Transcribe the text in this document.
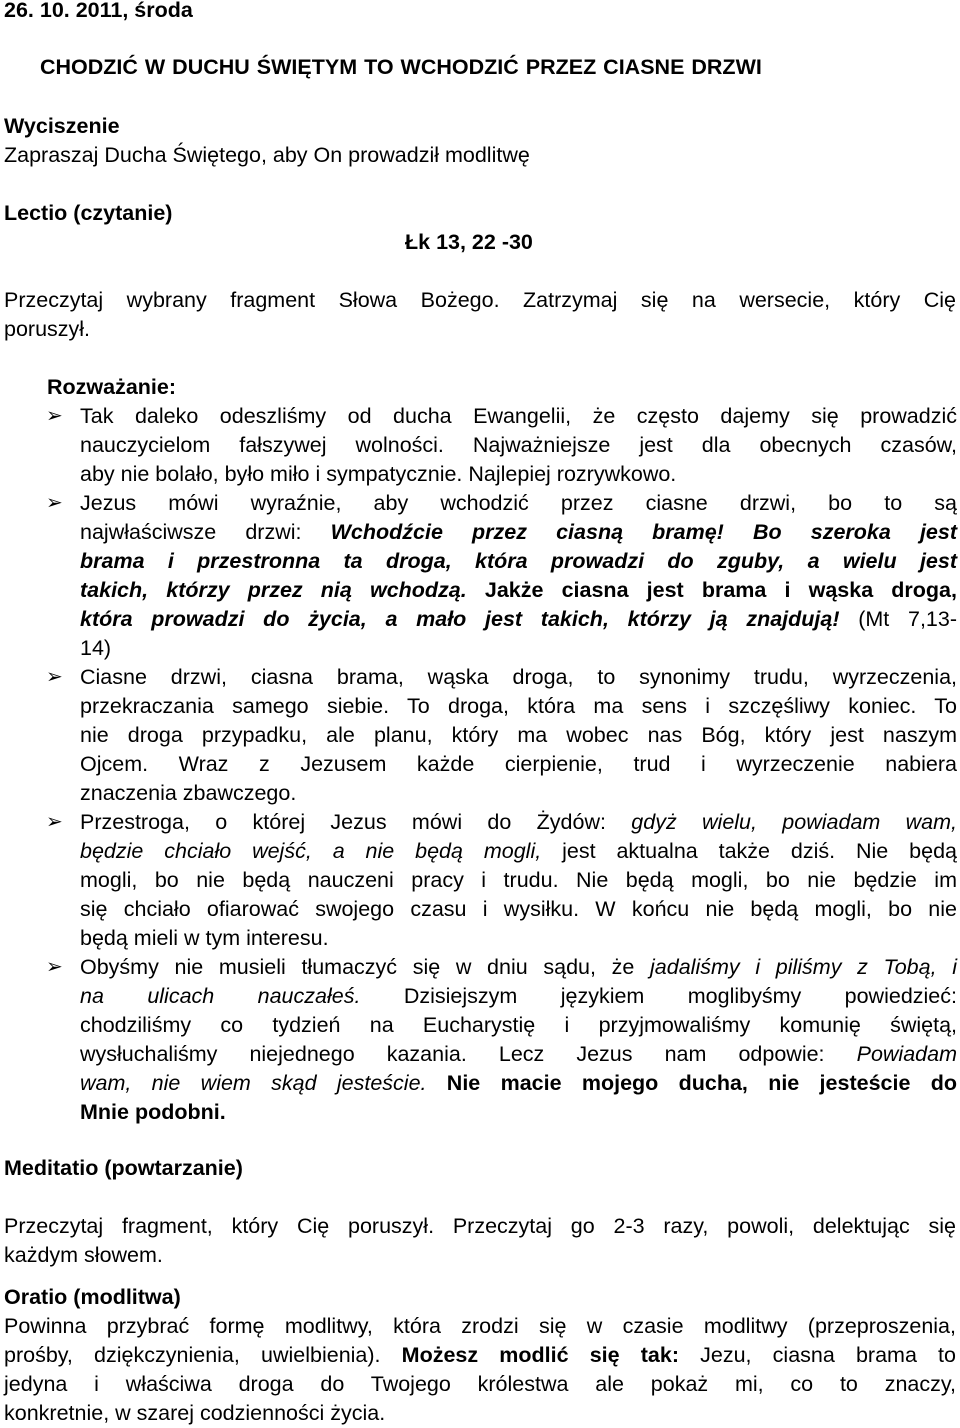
26. 10. 2011, środa
CHODZIĆ W DUCHU ŚWIĘTYM TO WCHODZIĆ PRZEZ CIASNE DRZWI
Wyciszenie
Zapraszaj Ducha Świętego, aby On prowadził modlitwę
Lectio (czytanie)
Łk 13, 22 -30
Przeczytaj wybrany fragment Słowa Bożego. Zatrzymaj się na wersecie, który Cię
poruszył.
Rozważanie:
➢ Tak daleko odeszliśmy od ducha Ewangelii, że często dajemy się prowadzić
nauczycielom fałszywej wolności. Najważniejsze jest dla obecnych czasów,
aby nie bolało, było miło i sympatycznie. Najlepiej rozrywkowo.
➢ Jezus mówi wyraźnie, aby wchodzić przez ciasne drzwi, bo to są
najwłaściwsze drzwi: Wchodźcie przez ciasną bramę! Bo szeroka jest
brama i przestronna ta droga, która prowadzi do zguby, a wielu jest
takich, którzy przez nią wchodzą. Jakże ciasna jest brama i wąska droga,
która prowadzi do życia, a mało jest takich, którzy ją znajdują! (Mt 7,13-
14)
➢ Ciasne drzwi, ciasna brama, wąska droga, to synonimy trudu, wyrzeczenia,
przekraczania samego siebie. To droga, która ma sens i szczęśliwy koniec. To
nie droga przypadku, ale planu, który ma wobec nas Bóg, który jest naszym
Ojcem. Wraz z Jezusem każde cierpienie, trud i wyrzeczenie nabiera
znaczenia zbawczego.
➢ Przestroga, o której Jezus mówi do Żydów: gdyż wielu, powiadam wam,
będzie chciało wejść, a nie będą mogli, jest aktualna także dziś. Nie będą
mogli, bo nie będą nauczeni pracy i trudu. Nie będą mogli, bo nie będzie im
się chciało ofiarować swojego czasu i wysiłku. W końcu nie będą mogli, bo nie
będą mieli w tym interesu.
➢ Obyśmy nie musieli tłumaczyć się w dniu sądu, że jadaliśmy i piliśmy z Tobą, i
na ulicach nauczałeś. Dzisiejszym językiem moglibyśmy powiedzieć:
chodziliśmy co tydzień na Eucharystię i przyjmowaliśmy komunię świętą,
wysłuchaliśmy niejednego kazania. Lecz Jezus nam odpowie: Powiadam
wam, nie wiem skąd jesteście. Nie macie mojego ducha, nie jesteście do
Mnie podobni.
Meditatio (powtarzanie)
Przeczytaj fragment, który Cię poruszył. Przeczytaj go 2-3 razy, powoli, delektując się
każdym słowem.
Oratio (modlitwa)
Powinna przybrać formę modlitwy, która zrodzi się w czasie modlitwy (przeproszenia,
prośby, dziękczynienia, uwielbienia). Możesz modlić się tak: Jezu, ciasna brama to
jedyna i właściwa droga do Twojego królestwa ale pokaż mi, co to znaczy,
konkretnie, w szarej codzienności życia.
